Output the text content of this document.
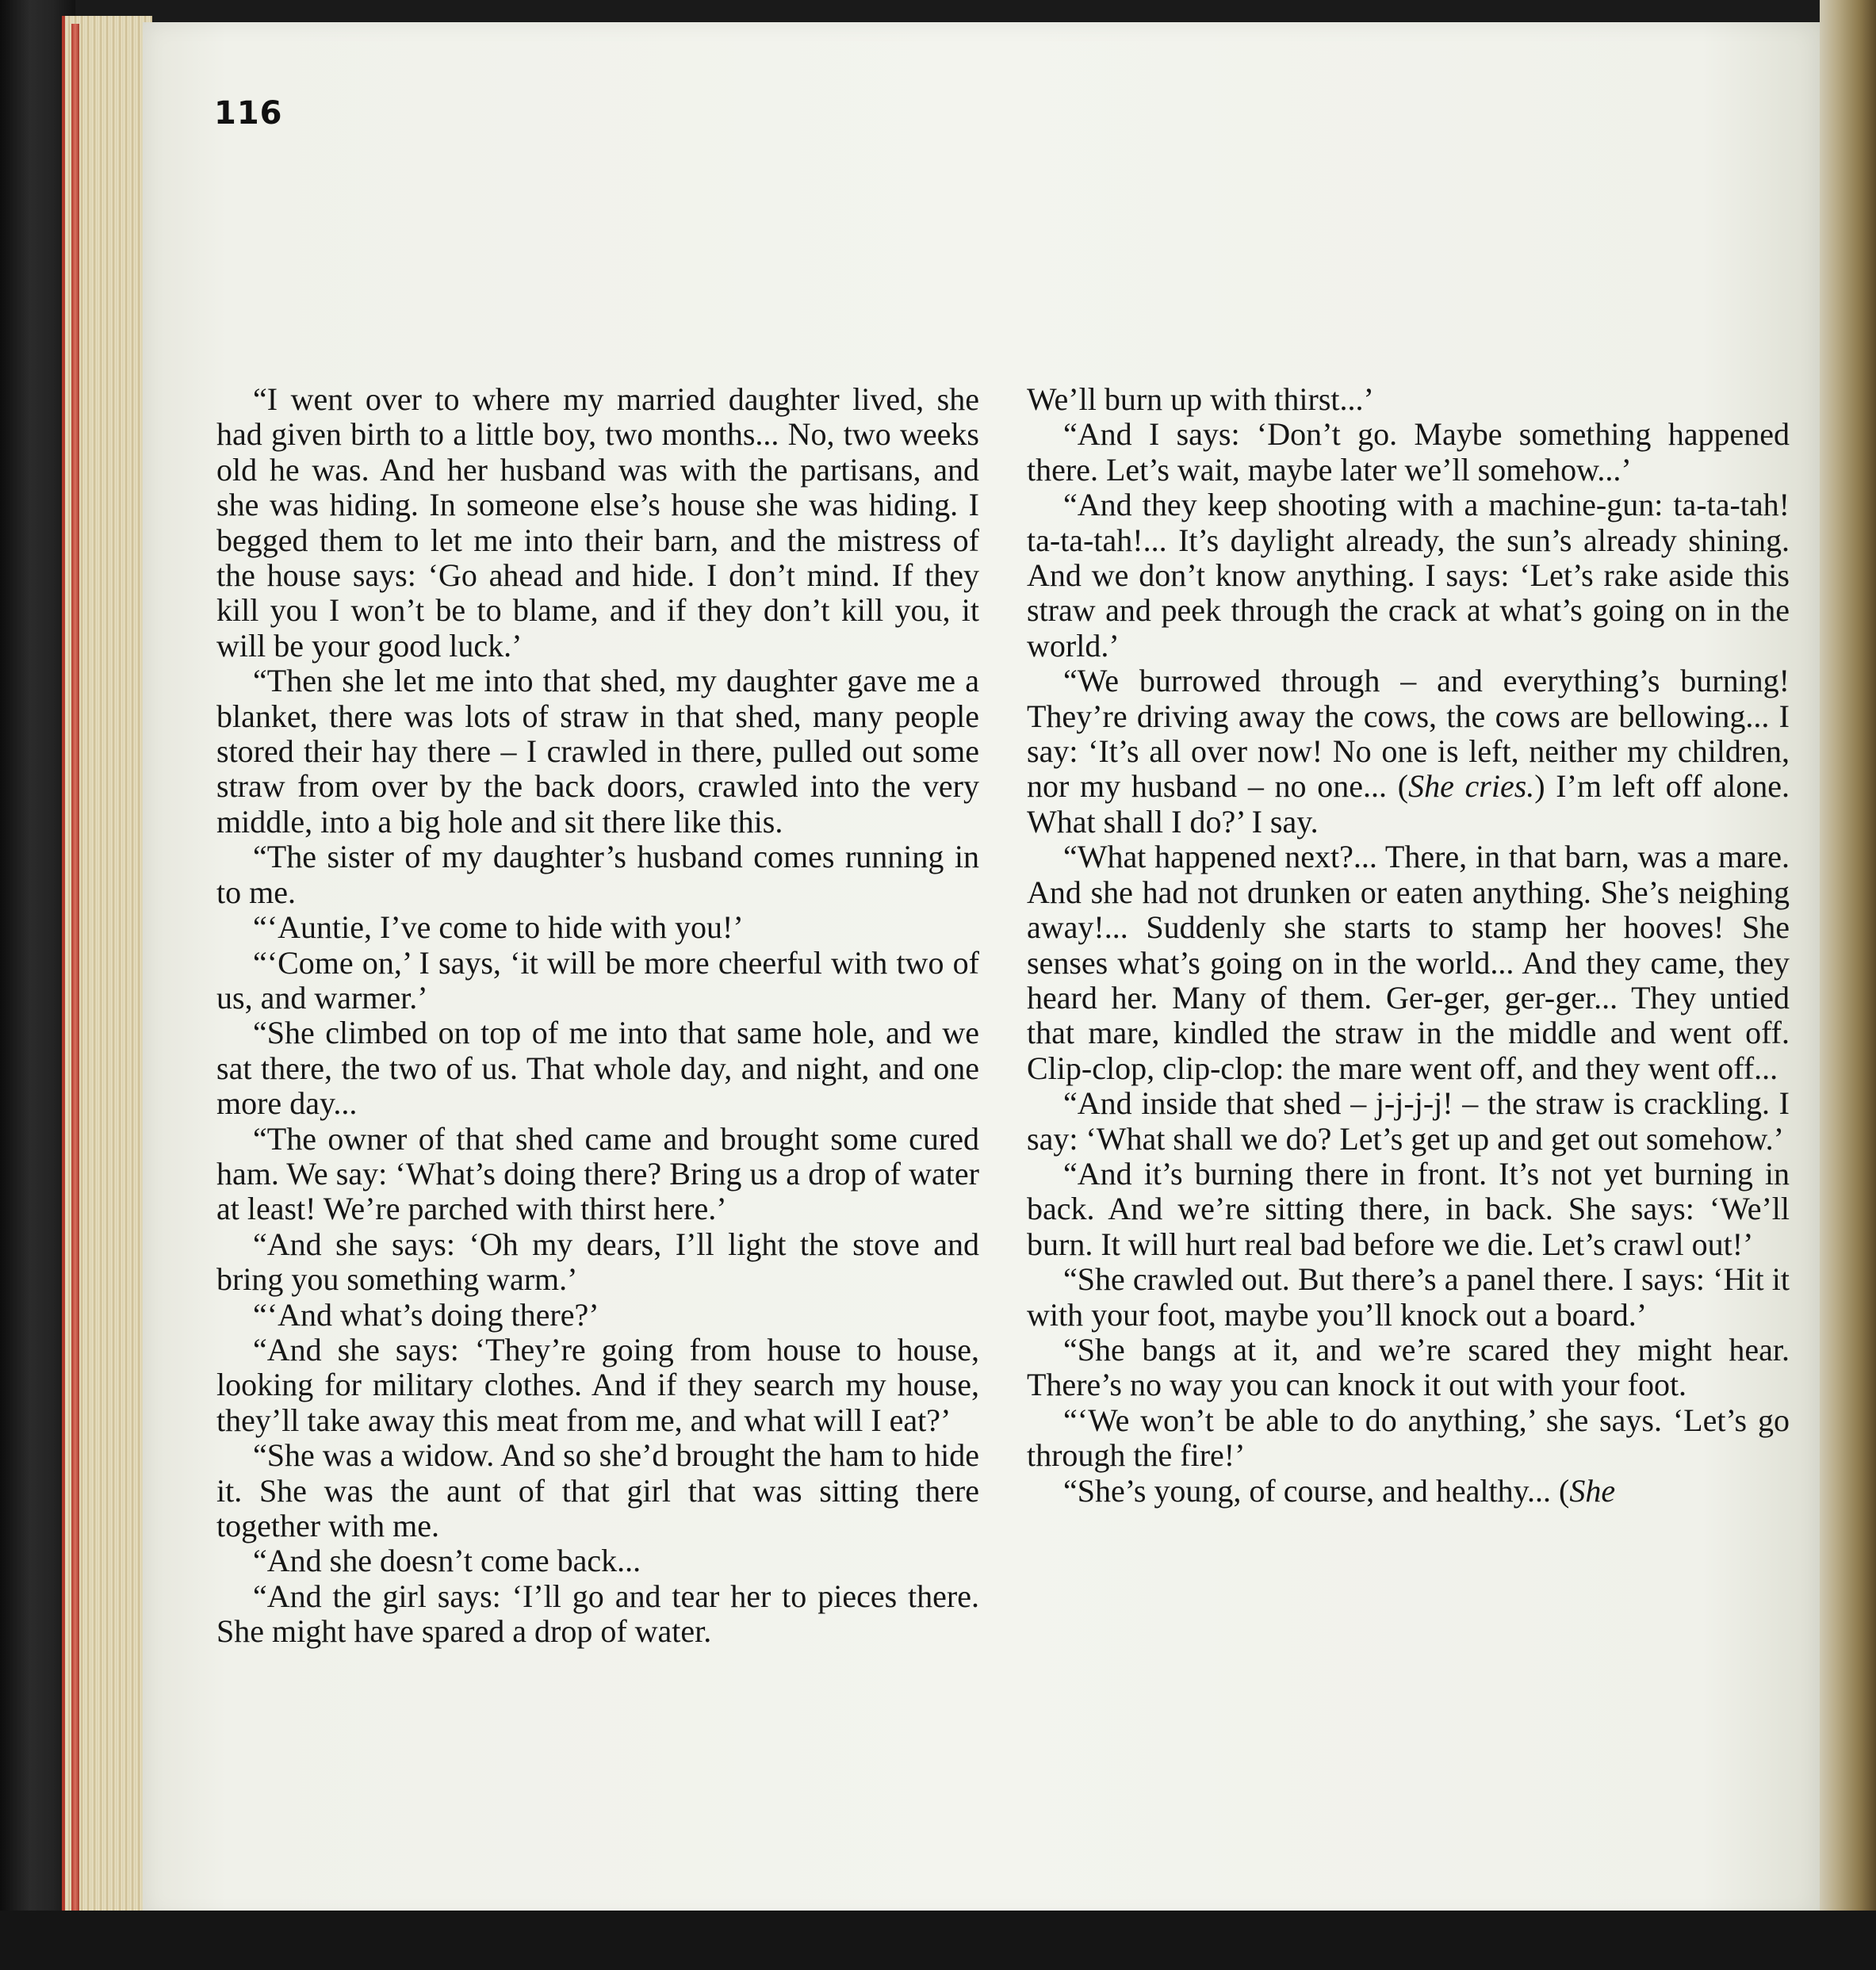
116

“I went over to where my married daughter lived, she had given birth to a little boy, two months... No, two weeks old he was. And her husband was with the partisans, and she was hiding. In someone else’s house she was hiding. I begged them to let me into their barn, and the mistress of the house says: ‘Go ahead and hide. I don’t mind. If they kill you I won’t be to blame, and if they don’t kill you, it will be your good luck.’

“Then she let me into that shed, my daughter gave me a blanket, there was lots of straw in that shed, many people stored their hay there – I crawled in there, pulled out some straw from over by the back doors, crawled into the very middle, into a big hole and sit there like this.

“The sister of my daughter’s husband comes running in to me.

“‘Auntie, I’ve come to hide with you!’

“‘Come on,’ I says, ‘it will be more cheerful with two of us, and warmer.’

“She climbed on top of me into that same hole, and we sat there, the two of us. That whole day, and night, and one more day...

“The owner of that shed came and brought some cured ham. We say: ‘What’s doing there? Bring us a drop of water at least! We’re parched with thirst here.’

“And she says: ‘Oh my dears, I’ll light the stove and bring you something warm.’

“‘And what’s doing there?’

“And she says: ‘They’re going from house to house, looking for military clothes. And if they search my house, they’ll take away this meat from me, and what will I eat?’

“She was a widow. And so she’d brought the ham to hide it. She was the aunt of that girl that was sitting there together with me.

“And she doesn’t come back...

“And the girl says: ‘I’ll go and tear her to pieces there. She might have spared a drop of water.

We’ll burn up with thirst...’

“And I says: ‘Don’t go. Maybe something happened there. Let’s wait, maybe later we’ll somehow...’

“And they keep shooting with a machine-gun: ta-ta-tah! ta-ta-tah!... It’s daylight already, the sun’s already shining. And we don’t know anything. I says: ‘Let’s rake aside this straw and peek through the crack at what’s going on in the world.’

“We burrowed through – and everything’s burning! They’re driving away the cows, the cows are bellowing... I say: ‘It’s all over now! No one is left, neither my children, nor my husband – no one... (She cries.) I’m left off alone. What shall I do?’ I say.

“What happened next?... There, in that barn, was a mare. And she had not drunken or eaten anything. She’s neighing away!... Suddenly she starts to stamp her hooves! She senses what’s going on in the world... And they came, they heard her. Many of them. Ger-ger, ger-ger... They untied that mare, kindled the straw in the middle and went off. Clip-clop, clip-clop: the mare went off, and they went off...

“And inside that shed – j-j-j-j! – the straw is crackling. I say: ‘What shall we do? Let’s get up and get out somehow.’

“And it’s burning there in front. It’s not yet burning in back. And we’re sitting there, in back. She says: ‘We’ll burn. It will hurt real bad before we die. Let’s crawl out!’

“She crawled out. But there’s a panel there. I says: ‘Hit it with your foot, maybe you’ll knock out a board.’

“She bangs at it, and we’re scared they might hear. There’s no way you can knock it out with your foot.

“‘We won’t be able to do anything,’ she says. ‘Let’s go through the fire!’

“She’s young, of course, and healthy... (She
